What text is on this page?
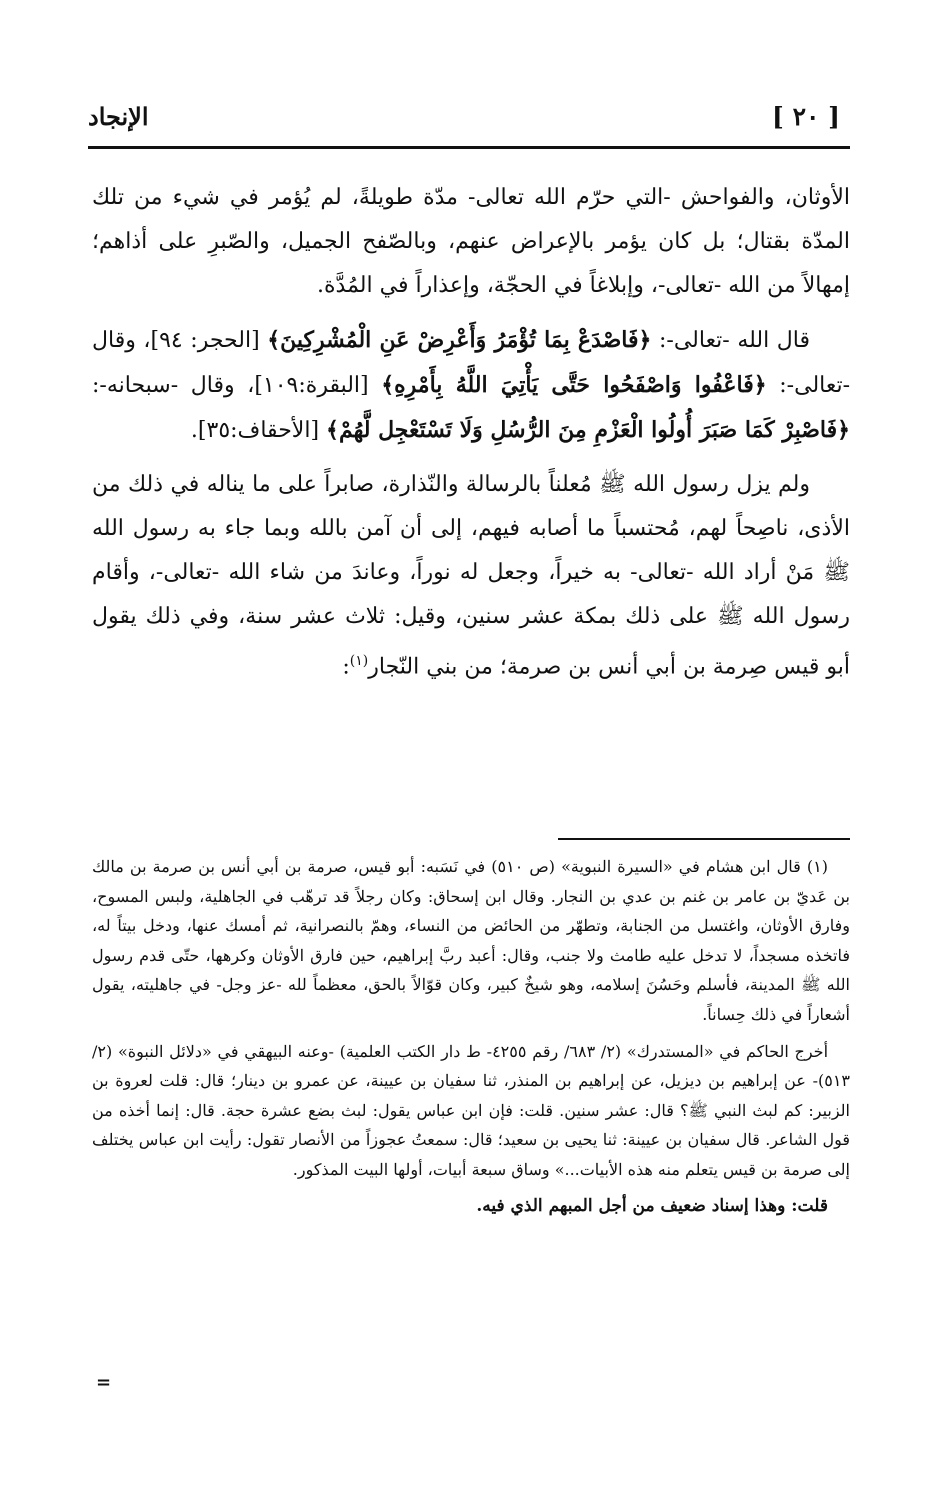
[ ٢٠ ]
الإنجاد

الأوثان، والفواحش -التي حرّم الله تعالى- مدّة طويلةً، لم يُؤمر في شيء من تلك المدّة بقتال؛ بل كان يؤمر بالإعراض عنهم، وبالصّفح الجميل، والصّبرِ على أذاهم؛ إمهالاً من الله -تعالى-، وإبلاغاً في الحجّة، وإعذاراً في المُدَّة.

قال الله -تعالى-: ﴿فَاصْدَعْ بِمَا تُؤْمَرُ وَأَعْرِضْ عَنِ الْمُشْرِكِينَ﴾ [الحجر: ٩٤]، وقال -تعالى-: ﴿فَاعْفُوا وَاصْفَحُوا حَتَّى يَأْتِيَ اللَّهُ بِأَمْرِهِ﴾ [البقرة:١٠٩]، وقال -سبحانه-: ﴿فَاصْبِرْ كَمَا صَبَرَ أُولُوا الْعَزْمِ مِنَ الرُّسُلِ وَلَا تَسْتَعْجِل لَّهُمْ﴾ [الأحقاف:٣٥].

ولم يزل رسول الله ﷺ مُعلناً بالرسالة والنّذارة، صابراً على ما يناله في ذلك من الأذى، ناصِحاً لهم، مُحتسباً ما أصابه فيهم، إلى أن آمن بالله وبما جاء به رسول الله ﷺ مَنْ أراد الله -تعالى- به خيراً، وجعل له نوراً، وعاندَ من شاء الله -تعالى-، وأقام رسول الله ﷺ على ذلك بمكة عشر سنين، وقيل: ثلاث عشر سنة، وفي ذلك يقول أبو قيس صِرمة بن أبي أنس بن صرمة؛ من بني النّجار$^{(١)}$:

(١) قال ابن هشام في «السيرة النبوية» (ص ٥١٠) في نَسَبه: أبو قيس، صرمة بن أبي أنس بن صرمة بن مالك بن عَديّ بن عامر بن غنم بن عدي بن النجار. وقال ابن إسحاق: وكان رجلاً قد ترهّب في الجاهلية، ولبس المسوح، وفارق الأوثان، واغتسل من الجنابة، وتطهّر من الحائض من النساء، وهمّ بالنصرانية، ثم أمسك عنها، ودخل بيتاً له، فاتخذه مسجداً، لا تدخل عليه طامث ولا جنب، وقال: أعبد ربَّ إبراهيم، حين فارق الأوثان وكرهها، حتّى قدم رسول الله ﷺ المدينة، فأسلم وحَسُنَ إسلامه، وهو شيخٌ كبير، وكان قوّالاً بالحق، معظماً لله -عز وجل- في جاهليته، يقول أشعاراً في ذلك حِساناً.

أخرج الحاكم في «المستدرك» (٢/ ٦٨٣/ رقم ٤٢٥٥- ط دار الكتب العلمية) -وعنه البيهقي في «دلائل النبوة» (٢/ ٥١٣)- عن إبراهيم بن ديزيل، عن إبراهيم بن المنذر، ثنا سفيان بن عيينة، عن عمرو بن دينار؛ قال: قلت لعروة بن الزبير: كم لبث النبي ﷺ؟ قال: عشر سنين. قلت: فإن ابن عباس يقول: لبث بضع عشرة حجة. قال: إنما أخذه من قول الشاعر. قال سفيان بن عيينة: ثنا يحيى بن سعيد؛ قال: سمعتُ عجوزاً من الأنصار تقول: رأيت ابن عباس يختلف إلى صرمة بن قيس يتعلم منه هذه الأبيات...» وساق سبعة أبيات، أولها البيت المذكور.

قلت: وهذا إسناد ضعيف من أجل المبهم الذي فيه.

=
